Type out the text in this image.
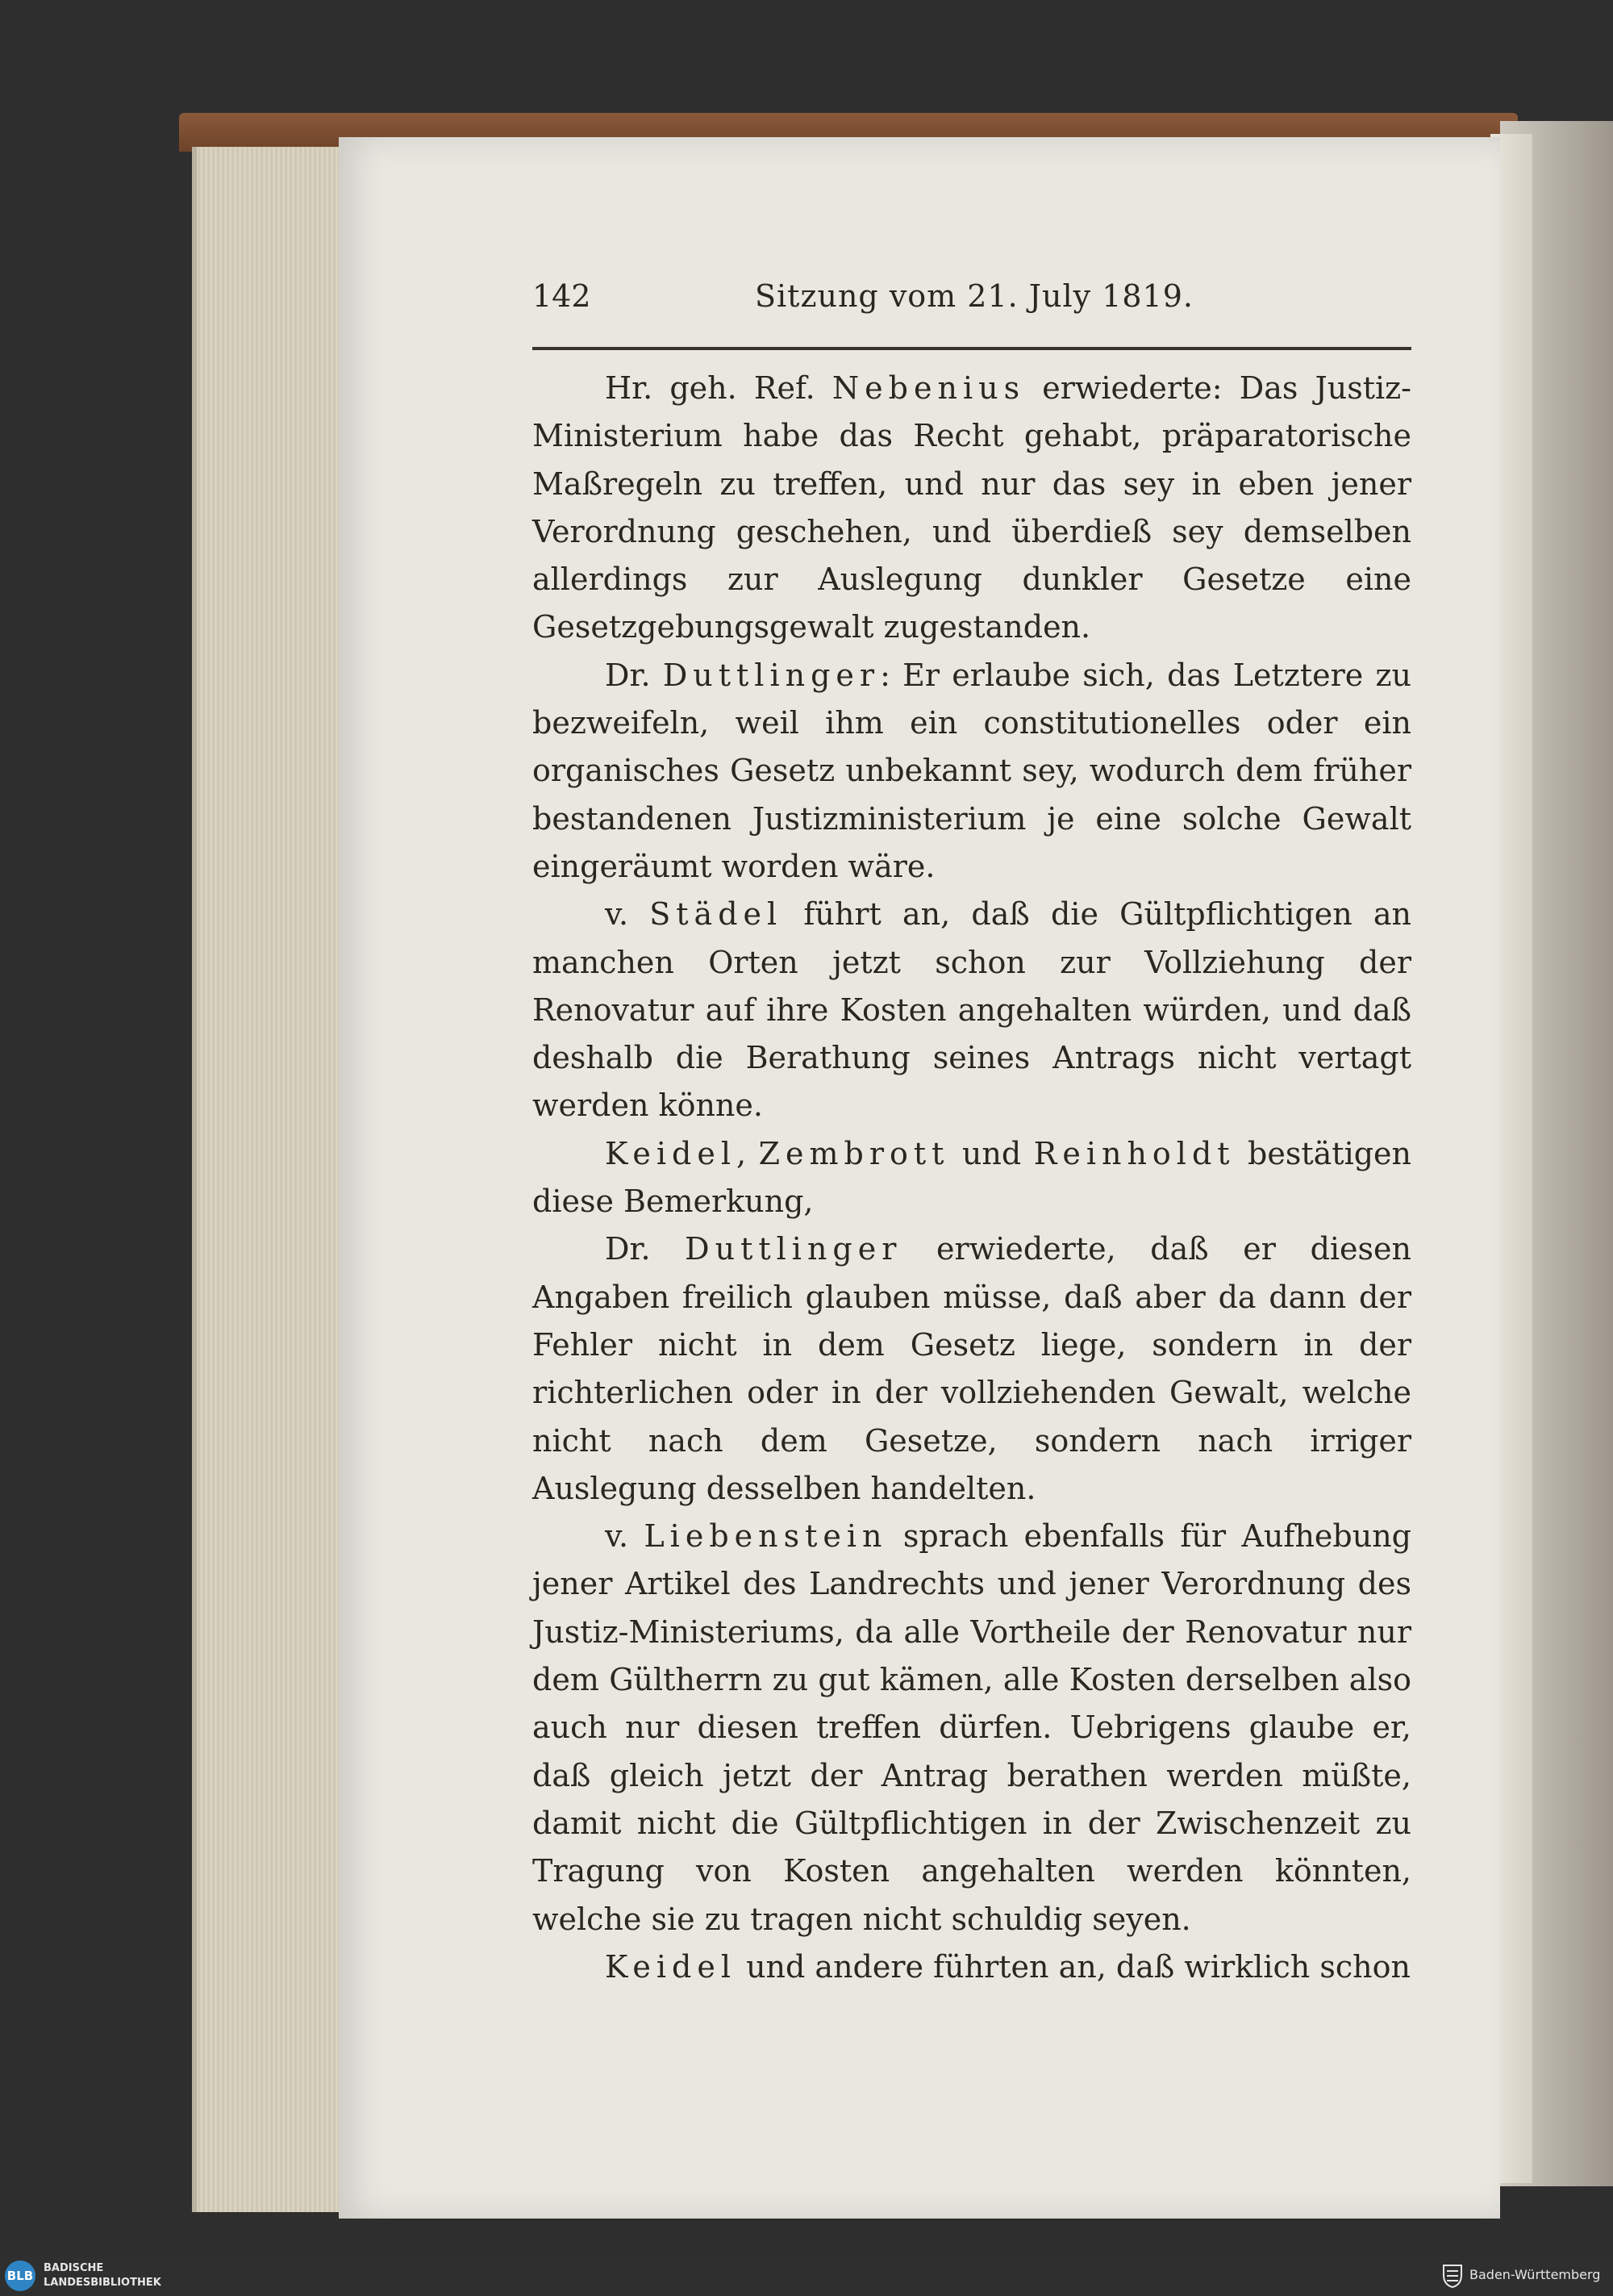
142	Sitzung vom 21. July 1819.

Hr. geh. Ref. Nebenius erwiederte: Das Justiz-Ministerium habe das Recht gehabt, präparatorische Maßregeln zu treffen, und nur das sey in eben jener Verordnung geschehen, und überdieß sey demselben allerdings zur Auslegung dunkler Gesetze eine Gesetzgebungsgewalt zugestanden.

Dr. Duttlinger: Er erlaube sich, das Letztere zu bezweifeln, weil ihm ein constitutionelles oder ein organisches Gesetz unbekannt sey, wodurch dem früher bestandenen Justizministerium je eine solche Gewalt eingeräumt worden wäre.

v. Städel führt an, daß die Gültpflichtigen an manchen Orten jetzt schon zur Vollziehung der Renovatur auf ihre Kosten angehalten würden, und daß deshalb die Berathung seines Antrags nicht vertagt werden könne.

Keidel, Zembrott und Reinholdt bestätigen diese Bemerkung,

Dr. Duttlinger erwiederte, daß er diesen Angaben freilich glauben müsse, daß aber da dann der Fehler nicht in dem Gesetz liege, sondern in der richterlichen oder in der vollziehenden Gewalt, welche nicht nach dem Gesetze, sondern nach irriger Auslegung desselben handelten.

v. Liebenstein sprach ebenfalls für Aufhebung jener Artikel des Landrechts und jener Verordnung des Justiz-Ministeriums, da alle Vortheile der Renovatur nur dem Gültherrn zu gut kämen, alle Kosten derselben also auch nur diesen treffen dürfen. Uebrigens glaube er, daß gleich jetzt der Antrag berathen werden müßte, damit nicht die Gültpflichtigen in der Zwischenzeit zu Tragung von Kosten angehalten werden könnten, welche sie zu tragen nicht schuldig seyen.

Keidel und andere führten an, daß wirklich schon

BLB
BADISCHE
LANDESBIBLIOTHEK
Baden-Württemberg
